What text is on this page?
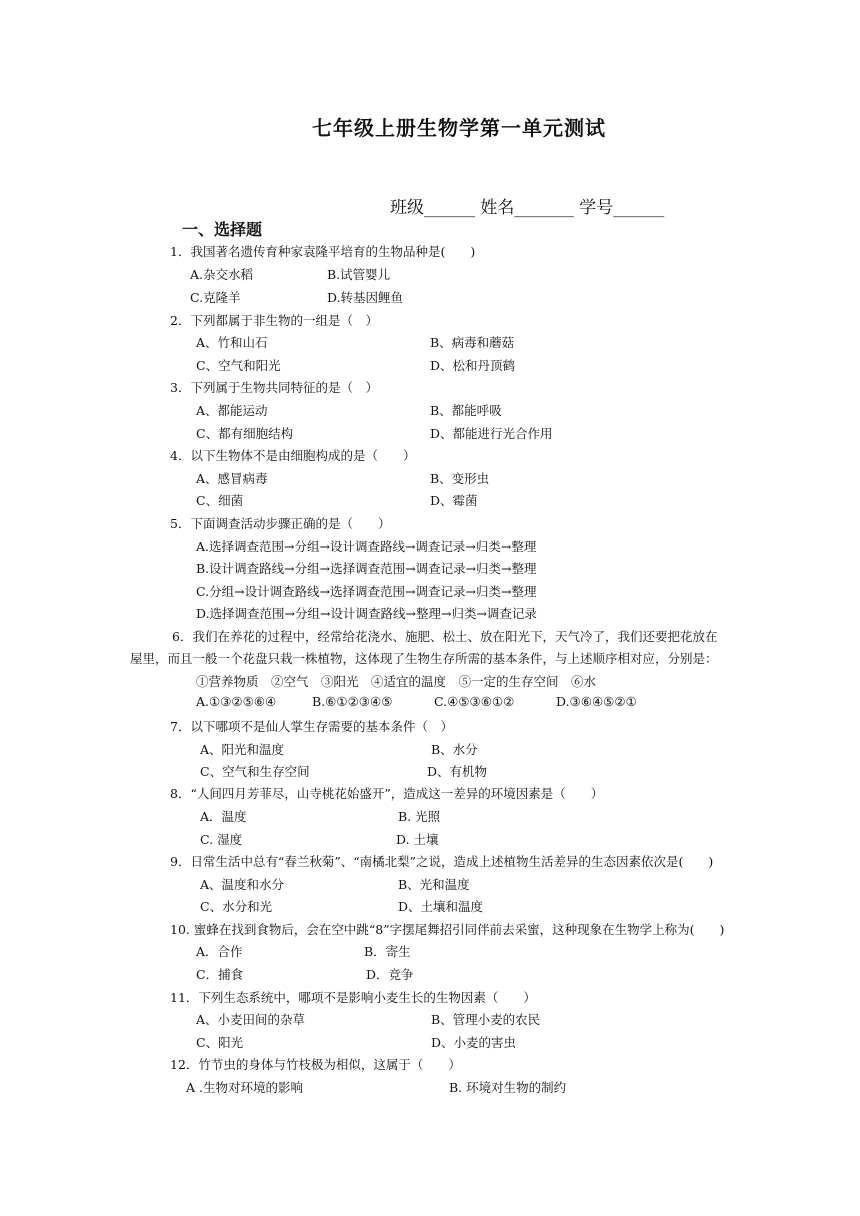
七年级上册生物学第一单元测试
班级______ 姓名_______ 学号______
一、选择题
1．我国著名遗传育种家袁隆平培育的生物品种是(　　)
A.杂交水稻	B.试管婴儿
C.克隆羊	D.转基因鲤鱼
2．下列都属于非生物的一组是（　）
A、竹和山石	B、病毒和蘑菇
C、空气和阳光	D、松和丹顶鹤
3．下列属于生物共同特征的是（　）
A、都能运动	B、都能呼吸
C、都有细胞结构	D、都能进行光合作用
4．以下生物体不是由细胞构成的是（　　）
A、感冒病毒	B、变形虫
C、细菌	D、霉菌
5．下面调查活动步骤正确的是（　　）
A.选择调查范围→分组→设计调查路线→调查记录→归类→整理
B.设计调查路线→分组→选择调查范围→调查记录→归类→整理
C.分组→设计调查路线→选择调查范围→调查记录→归类→整理
D.选择调查范围→分组→设计调查路线→整理→归类→调查记录
6．我们在养花的过程中，经常给花浇水、施肥、松土、放在阳光下，天气冷了，我们还要把花放在
屋里，而且一般一个花盘只栽一株植物，这体现了生物生存所需的基本条件，与上述顺序相对应，分别是：
①营养物质　②空气　③阳光　④适宜的温度　⑤一定的生存空间　⑥水
A.①③②⑤⑥④	B.⑥①②③④⑤	C.④⑤③⑥①②	D.③⑥④⑤②①
7．以下哪项不是仙人掌生存需要的基本条件（　）
A、阳光和温度	B、水分
C、空气和生存空间	D、有机物
8．“人间四月芳菲尽，山寺桃花始盛开”，造成这一差异的环境因素是（　　）
A．温度	B. 光照
C. 湿度	D. 土壤
9．日常生活中总有“春兰秋菊”、“南橘北梨”之说，造成上述植物生活差异的生态因素依次是(　　)
A、温度和水分	B、光和温度
C、水分和光	D、土壤和温度
10. 蜜蜂在找到食物后，会在空中跳“8”字摆尾舞招引同伴前去采蜜，这种现象在生物学上称为(　　)
A．合作	B．寄生
C．捕食	D．竞争
11．下列生态系统中，哪项不是影响小麦生长的生物因素（　　）
A、小麦田间的杂草	B、管理小麦的农民
C、阳光	D、小麦的害虫
12．竹节虫的身体与竹枝极为相似，这属于（　　）
A .生物对环境的影响	B. 环境对生物的制约
